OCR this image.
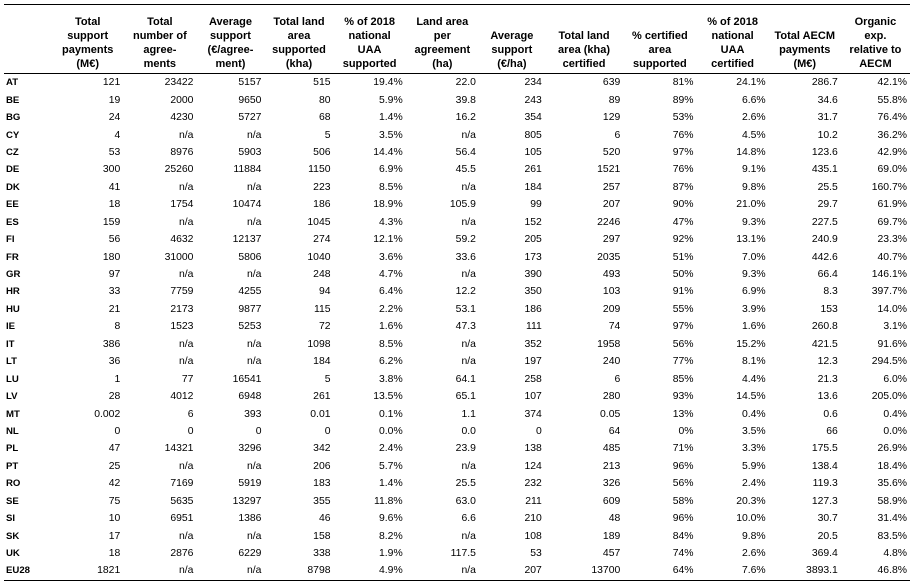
	Total
support
payments
(M€)	Total
number of
agree-
ments	Average
support
(€/agree-
ment)	Total land
area
supported
(kha)	% of 2018
national
UAA
supported	Land area
per
agreement
(ha)	Average
support
(€/ha)	Total land
area (kha)
certified	% certified
area
supported	% of 2018
national
UAA
certified	Total AECM
payments
(M€)	Organic exp.
relative to
AECM

AT	121	23422	5157	515	19.4%	22.0	234	639	81%	24.1%	286.7	42.1%
BE	19	2000	9650	80	5.9%	39.8	243	89	89%	6.6%	34.6	55.8%
BG	24	4230	5727	68	1.4%	16.2	354	129	53%	2.6%	31.7	76.4%
CY	4	n/a	n/a	5	3.5%	n/a	805	6	76%	4.5%	10.2	36.2%
CZ	53	8976	5903	506	14.4%	56.4	105	520	97%	14.8%	123.6	42.9%
DE	300	25260	11884	1150	6.9%	45.5	261	1521	76%	9.1%	435.1	69.0%
DK	41	n/a	n/a	223	8.5%	n/a	184	257	87%	9.8%	25.5	160.7%
EE	18	1754	10474	186	18.9%	105.9	99	207	90%	21.0%	29.7	61.9%
ES	159	n/a	n/a	1045	4.3%	n/a	152	2246	47%	9.3%	227.5	69.7%
FI	56	4632	12137	274	12.1%	59.2	205	297	92%	13.1%	240.9	23.3%
FR	180	31000	5806	1040	3.6%	33.6	173	2035	51%	7.0%	442.6	40.7%
GR	97	n/a	n/a	248	4.7%	n/a	390	493	50%	9.3%	66.4	146.1%
HR	33	7759	4255	94	6.4%	12.2	350	103	91%	6.9%	8.3	397.7%
HU	21	2173	9877	115	2.2%	53.1	186	209	55%	3.9%	153	14.0%
IE	8	1523	5253	72	1.6%	47.3	111	74	97%	1.6%	260.8	3.1%
IT	386	n/a	n/a	1098	8.5%	n/a	352	1958	56%	15.2%	421.5	91.6%
LT	36	n/a	n/a	184	6.2%	n/a	197	240	77%	8.1%	12.3	294.5%
LU	1	77	16541	5	3.8%	64.1	258	6	85%	4.4%	21.3	6.0%
LV	28	4012	6948	261	13.5%	65.1	107	280	93%	14.5%	13.6	205.0%
MT	0.002	6	393	0.01	0.1%	1.1	374	0.05	13%	0.4%	0.6	0.4%
NL	0	0	0	0	0.0%	0.0	0	64	0%	3.5%	66	0.0%
PL	47	14321	3296	342	2.4%	23.9	138	485	71%	3.3%	175.5	26.9%
PT	25	n/a	n/a	206	5.7%	n/a	124	213	96%	5.9%	138.4	18.4%
RO	42	7169	5919	183	1.4%	25.5	232	326	56%	2.4%	119.3	35.6%
SE	75	5635	13297	355	11.8%	63.0	211	609	58%	20.3%	127.3	58.9%
SI	10	6951	1386	46	9.6%	6.6	210	48	96%	10.0%	30.7	31.4%
SK	17	n/a	n/a	158	8.2%	n/a	108	189	84%	9.8%	20.5	83.5%
UK	18	2876	6229	338	1.9%	117.5	53	457	74%	2.6%	369.4	4.8%
EU28	1821	n/a	n/a	8798	4.9%	n/a	207	13700	64%	7.6%	3893.1	46.8%
